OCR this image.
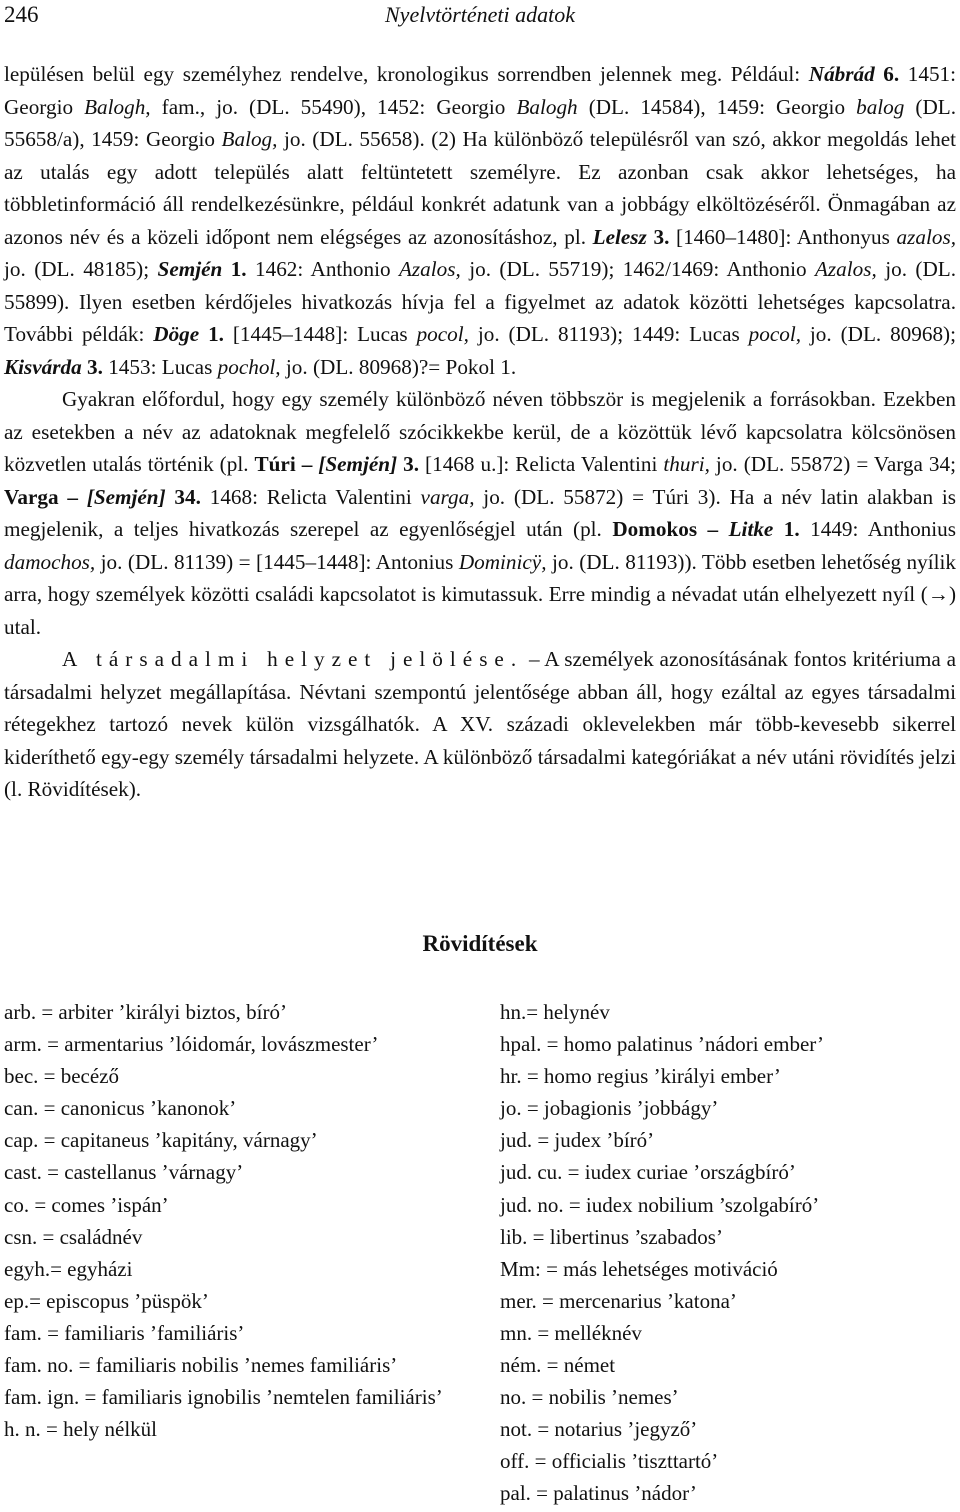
246	Nyelvtörténeti adatok

lepülésen belül egy személyhez rendelve, kronologikus sorrendben jelennek meg. Például: Nábrád 6. 1451: Georgio Balogh, fam., jo. (DL. 55490), 1452: Georgio Balogh (DL. 14584), 1459: Georgio balog (DL. 55658/a), 1459: Georgio Balog, jo. (DL. 55658). (2) Ha különböző településről van szó, akkor megoldás lehet az utalás egy adott település alatt feltüntetett személyre. Ez azonban csak akkor lehetséges, ha többletinformáció áll rendelkezésünkre, például konkrét adatunk van a jobbágy elköltözéséről. Önmagában az azonos név és a közeli időpont nem elégséges az azonosításhoz, pl. Lelesz 3. [1460–1480]: Anthonyus azalos, jo. (DL. 48185); Semjén 1. 1462: Anthonio Azalos, jo. (DL. 55719); 1462/1469: Anthonio Azalos, jo. (DL. 55899). Ilyen esetben kérdőjeles hivatkozás hívja fel a figyelmet az adatok közötti lehetséges kapcsolatra. További példák: Döge 1. [1445–1448]: Lucas pocol, jo. (DL. 81193); 1449: Lucas pocol, jo. (DL. 80968); Kisvárda 3. 1453: Lucas pochol, jo. (DL. 80968)?= Pokol 1.

Gyakran előfordul, hogy egy személy különböző néven többször is megjelenik a forrásokban. Ezekben az esetekben a név az adatoknak megfelelő szócikkekbe kerül, de a közöttük lévő kapcsolatra kölcsönösen közvetlen utalás történik (pl. Túri – [Semjén] 3. [1468 u.]: Relicta Valentini thuri, jo. (DL. 55872) = Varga 34; Varga – [Semjén] 34. 1468: Relicta Valentini varga, jo. (DL. 55872) = Túri 3). Ha a név latin alakban is megjelenik, a teljes hivatkozás szerepel az egyenlőségjel után (pl. Domokos – Litke 1. 1449: Anthonius damochos, jo. (DL. 81139) = [1445–1448]: Antonius Dominicÿ, jo. (DL. 81193)). Több esetben lehetőség nyílik arra, hogy személyek közötti családi kapcsolatot is kimutassuk. Erre mindig a névadat után elhelyezett nyíl (→) utal.

A társadalmi helyzet jelölése. – A személyek azonosításának fontos kritériuma a társadalmi helyzet megállapítása. Névtani szempontú jelentősége abban áll, hogy ezáltal az egyes társadalmi rétegekhez tartozó nevek külön vizsgálhatók. A XV. századi oklevelekben már több-kevesebb sikerrel kideríthető egy-egy személy társadalmi helyzete. A különböző társadalmi kategóriákat a név utáni rövidítés jelzi (l. Rövidítések).

Rövidítések
arb. = arbiter ’királyi biztos, bíró’
arm. = armentarius ’lóidomár, lovászmester’
bec. = becéző
can. = canonicus ’kanonok’
cap. = capitaneus ’kapitány, várnagy’
cast. = castellanus ’várnagy’
co. = comes ’ispán’
csn. = családnév
egyh.= egyházi
ep.= episcopus ’püspök’
fam. = familiaris ’familiáris’
fam. no. = familiaris nobilis ’nemes familiáris’
fam. ign. = familiaris ignobilis ’nemtelen familiáris’
h. n. = hely nélkül
hn.= helynév
hpal. = homo palatinus ’nádori ember’
hr. = homo regius ’királyi ember’
jo. = jobagionis ’jobbágy’
jud. = judex ’bíró’
jud. cu. = iudex curiae ’országbíró’
jud. no. = iudex nobilium ’szolgabíró’
lib. = libertinus ’szabados’
Mm: = más lehetséges motiváció
mer. = mercenarius ’katona’
mn. = melléknév
ném. = német
no. = nobilis ’nemes’
not. = notarius ’jegyző’
off. = officialis ’tiszttartó’
pal. = palatinus ’nádor’
